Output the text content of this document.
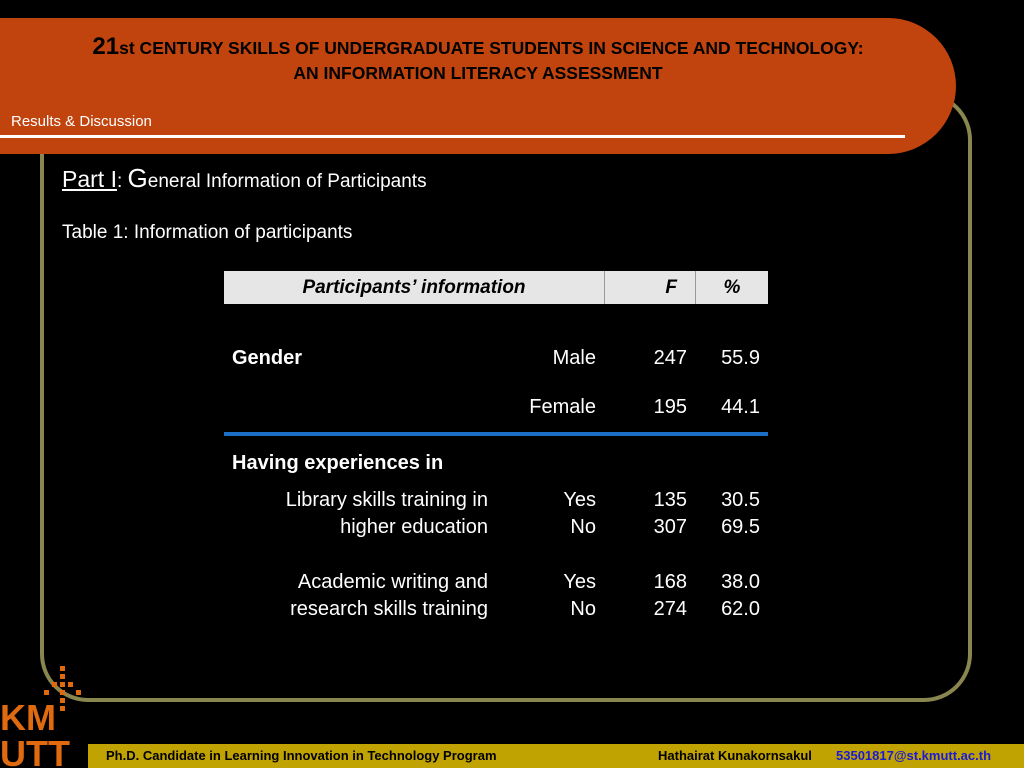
21st CENTURY SKILLS OF UNDERGRADUATE STUDENTS IN SCIENCE AND TECHNOLOGY:
AN INFORMATION LITERACY ASSESSMENT
Results & Discussion
Part I: General Information of Participants
Table 1: Information of participants
Participants’ information	F	%
Gender	Male	247	55.9
Female	195	44.1
Having experiences in
Library skills training in
higher education
Yes	135	30.5
No	307	69.5
Academic writing and
research skills training
Yes	168	38.0
No	274	62.0
KM
UTT	Ph.D. Candidate in Learning Innovation in Technology Program	Hathairat Kunakornsakul 53501817@st.kmutt.ac.th
